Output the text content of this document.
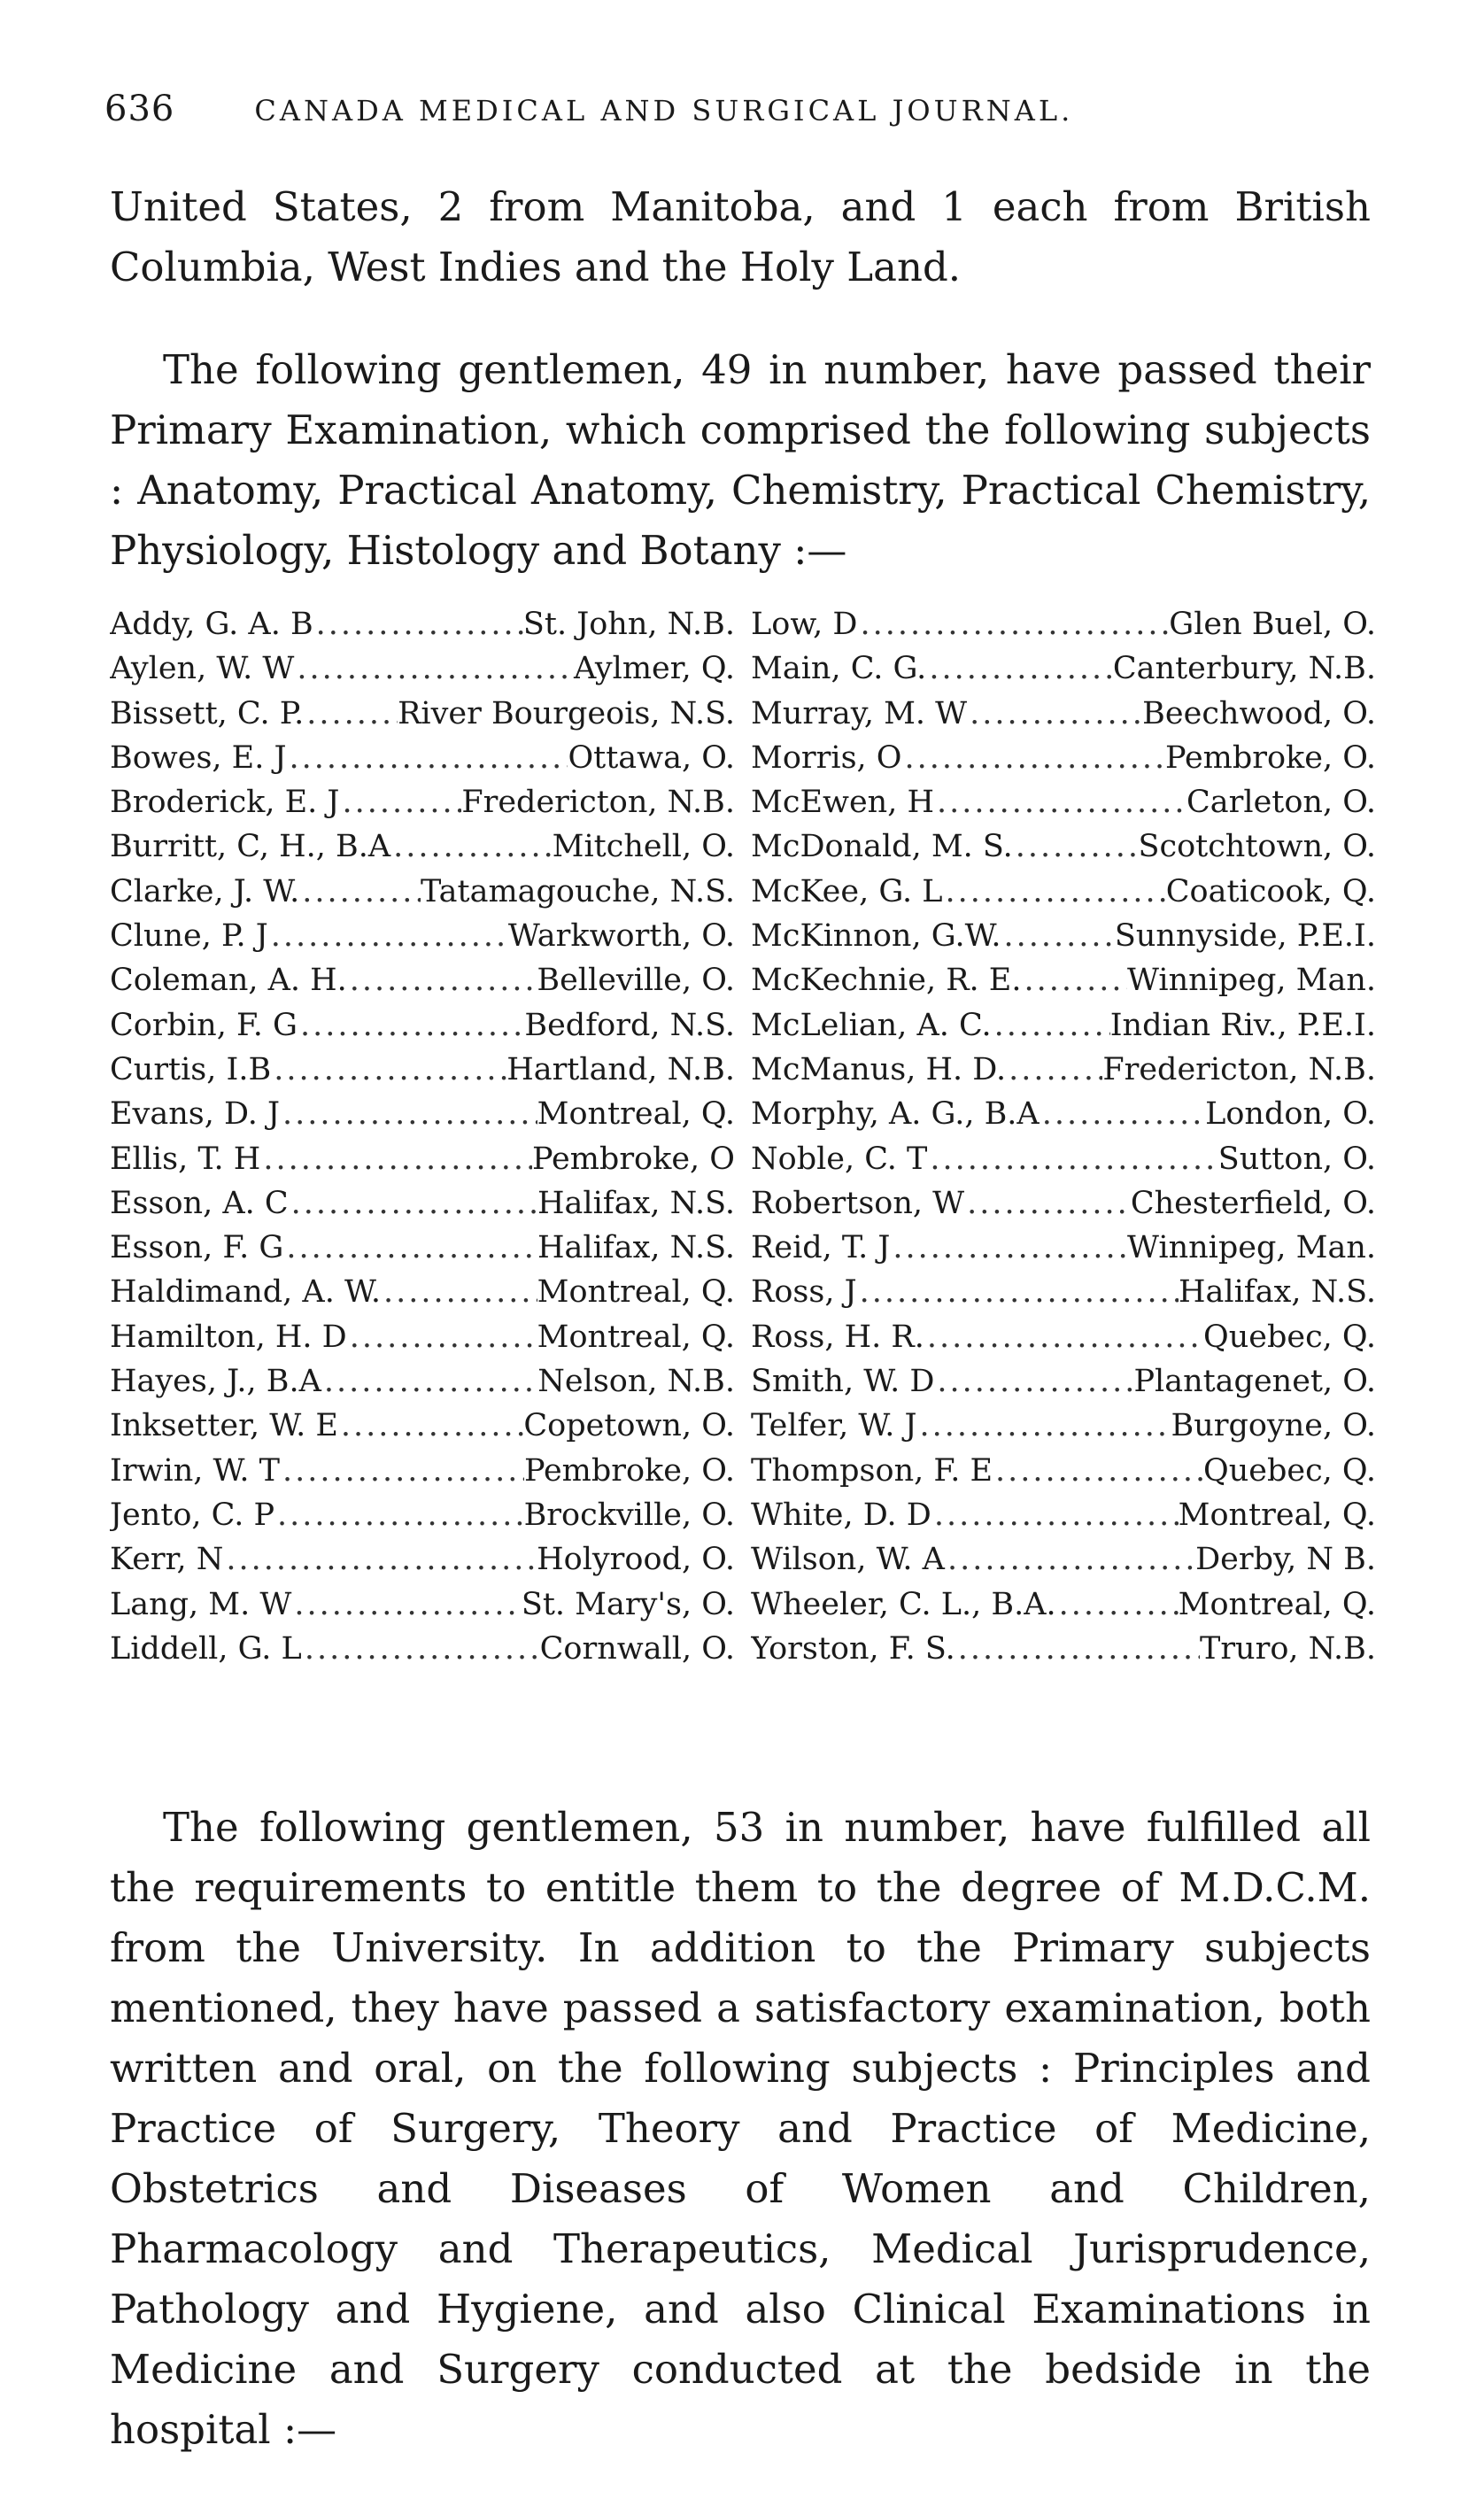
636	CANADA MEDICAL AND SURGICAL JOURNAL.

United States, 2 from Manitoba, and 1 each from British Columbia, West Indies and the Holy Land.

The following gentlemen, 49 in number, have passed their Primary Examination, which comprised the following subjects : Anatomy, Practical Anatomy, Chemistry, Practical Chemistry, Physiology, Histology and Botany :—

Addy, G. A. B .....	St. John, N.B.
Aylen, W. W .....	Aylmer, Q.
Bissett, C. P. .....	River Bourgeois, N.S.
Bowes, E. J .....	Ottawa, O.
Broderick, E. J .....	Fredericton, N.B.
Burritt, C, H., B.A .....	Mitchell, O.
Clarke, J. W. .....	Tatamagouche, N.S.
Clune, P. J .....	Warkworth, O.
Coleman, A. H. .....	Belleville, O.
Corbin, F. G .....	Bedford, N.S.
Curtis, I.B .....	Hartland, N.B.
Evans, D. J .....	Montreal, Q.
Ellis, T. H .....	Pembroke, O
Esson, A. C .....	Halifax, N.S.
Esson, F. G .....	Halifax, N.S.
Haldimand, A. W. .....	Montreal, Q.
Hamilton, H. D .....	Montreal, Q.
Hayes, J., B.A .....	Nelson, N.B.
Inksetter, W. E .....	Copetown, O.
Irwin, W. T .....	Pembroke, O.
Jento, C. P .....	Brockville, O.
Kerr, N .....	Holyrood, O.
Lang, M. W .....	St. Mary's, O.
Liddell, G. L .....	Cornwall, O.
Low, D .....	Glen Buel, O.
Main, C. G. .....	Canterbury, N.B.
Murray, M. W .....	Beechwood, O.
Morris, O .....	Pembroke, O.
McEwen, H .....	Carleton, O.
McDonald, M. S. .....	Scotchtown, O.
McKee, G. L .....	Coaticook, Q.
McKinnon, G.W. .....	Sunnyside, P.E.I.
McKechnie, R. E. .....	Winnipeg, Man.
McLelian, A. C. .....	Indian Riv., P.E.I.
McManus, H. D. .....	Fredericton, N.B.
Morphy, A. G., B.A .....	London, O.
Noble, C. T .....	Sutton, O.
Robertson, W .....	Chesterfield, O.
Reid, T. J .....	Winnipeg, Man.
Ross, J .....	Halifax, N.S.
Ross, H. R. .....	Quebec, Q.
Smith, W. D .....	Plantagenet, O.
Telfer, W. J .....	Burgoyne, O.
Thompson, F. E .....	Quebec, Q.
White, D. D .....	Montreal, Q.
Wilson, W. A .....	Derby, N B.
Wheeler, C. L., B.A. .....	Montreal, Q.
Yorston, F. S. .....	Truro, N.B.

The following gentlemen, 53 in number, have fulfilled all the requirements to entitle them to the degree of M.D.C.M. from the University. In addition to the Primary subjects mentioned, they have passed a satisfactory examination, both written and oral, on the following subjects : Principles and Practice of Surgery, Theory and Practice of Medicine, Obstetrics and Diseases of Women and Children, Pharmacology and Therapeutics, Medical Jurisprudence, Pathology and Hygiene, and also Clinical Examinations in Medicine and Surgery conducted at the bedside in the hospital :—
